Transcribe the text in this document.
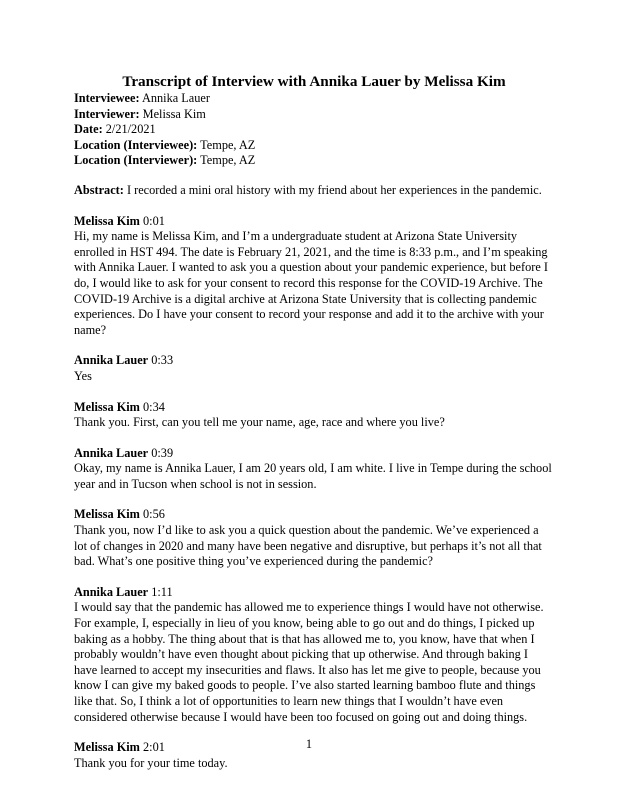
Transcript of Interview with Annika Lauer by Melissa Kim
Interviewee: Annika Lauer
Interviewer: Melissa Kim
Date: 2/21/2021
Location (Interviewee): Tempe, AZ
Location (Interviewer): Tempe, AZ
Abstract: I recorded a mini oral history with my friend about her experiences in the pandemic.
Melissa Kim 0:01
Hi, my name is Melissa Kim, and I’m a undergraduate student at Arizona State University enrolled in HST 494. The date is February 21, 2021, and the time is 8:33 p.m., and I’m speaking with Annika Lauer. I wanted to ask you a question about your pandemic experience, but before I do, I would like to ask for your consent to record this response for the COVID-19 Archive. The COVID-19 Archive is a digital archive at Arizona State University that is collecting pandemic experiences. Do I have your consent to record your response and add it to the archive with your name?
Annika Lauer 0:33
Yes
Melissa Kim 0:34
Thank you. First, can you tell me your name, age, race and where you live?
Annika Lauer 0:39
Okay, my name is Annika Lauer, I am 20 years old, I am white. I live in Tempe during the school year and in Tucson when school is not in session.
Melissa Kim 0:56
Thank you, now I’d like to ask you a quick question about the pandemic. We’ve experienced a lot of changes in 2020 and many have been negative and disruptive, but perhaps it’s not all that bad. What’s one positive thing you’ve experienced during the pandemic?
Annika Lauer 1:11
I would say that the pandemic has allowed me to experience things I would have not otherwise. For example, I, especially in lieu of you know, being able to go out and do things, I picked up baking as a hobby. The thing about that is that has allowed me to, you know, have that when I probably wouldn’t have even thought about picking that up otherwise. And through baking I have learned to accept my insecurities and flaws. It also has let me give to people, because you know I can give my baked goods to people. I’ve also started learning bamboo flute and things like that. So, I think a lot of opportunities to learn new things that I wouldn’t have even considered otherwise because I would have been too focused on going out and doing things.
Melissa Kim 2:01
Thank you for your time today.
1
